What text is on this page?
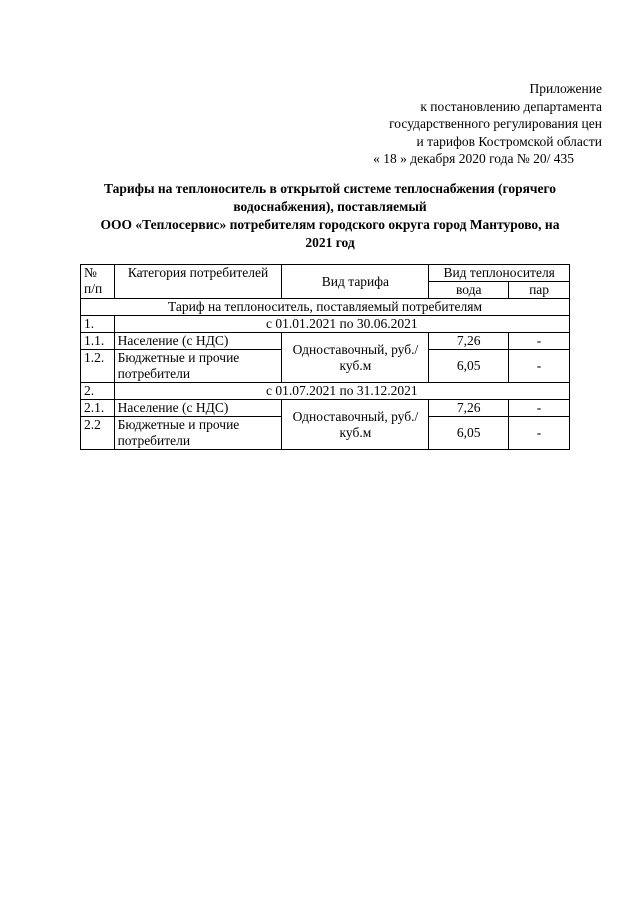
Приложение
к постановлению департамента
государственного регулирования цен
и тарифов Костромской области
« 18 » декабря 2020 года № 20/ 435
Тарифы на теплоноситель в открытой системе теплоснабжения (горячего
водоснабжения), поставляемый
ООО «Теплосервис» потребителям городского округа город Мантурово, на
2021 год
№ п/п	Категория потребителей	Вид тарифа	Вид теплоносителя	
			вода	пар
Тариф на теплоноситель, поставляемый потребителям				
1.	с 01.01.2021 по 30.06.2021			
1.1.	Население (с НДС)	Одноставочный, руб./куб.м	7,26	-
1.2.	Бюджетные и прочие потребители		6,05	-
2.	с 01.07.2021 по 31.12.2021			
2.1.	Население (с НДС)	Одноставочный, руб./куб.м	7,26	-
2.2	Бюджетные и прочие потребители		6,05	-
